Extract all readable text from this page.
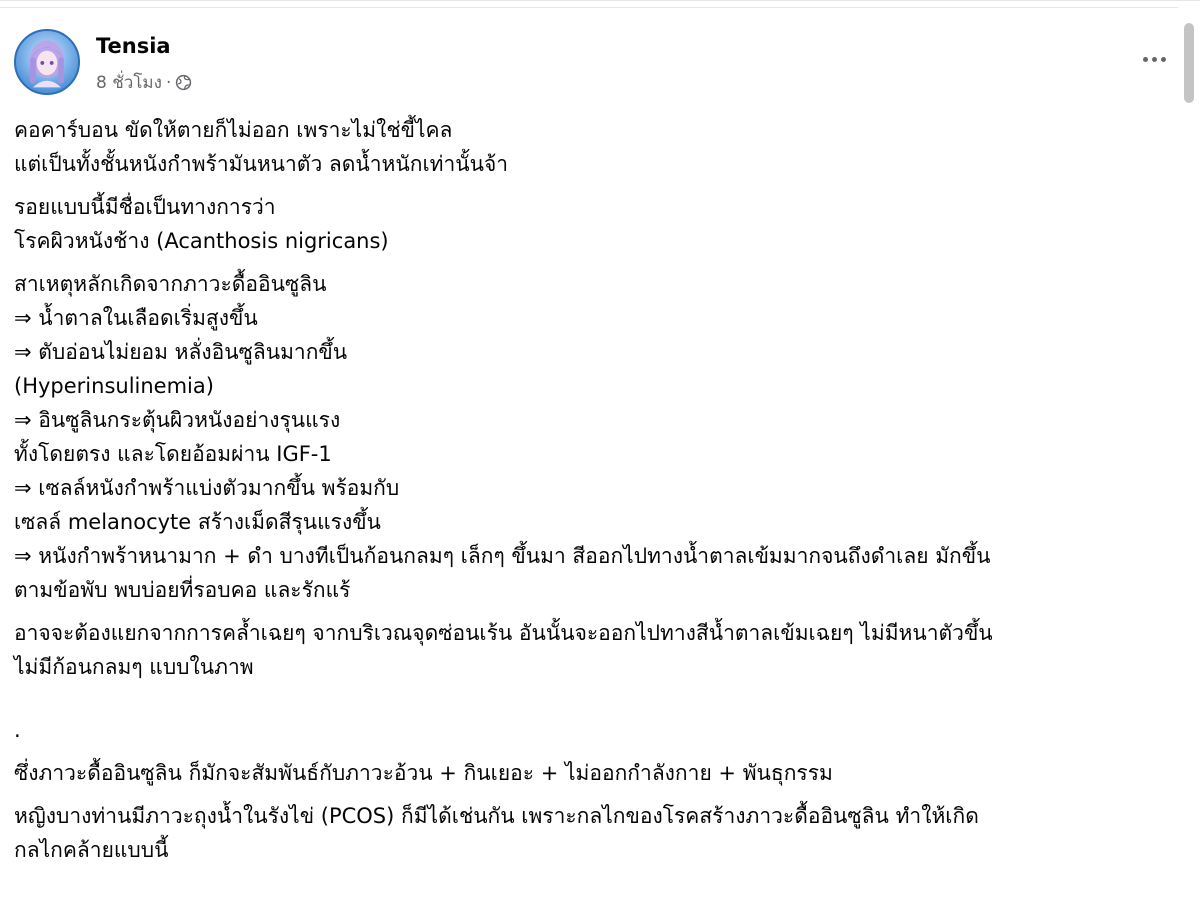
Tensia
8 ชั่วโมง ·
คอคาร์บอน ขัดให้ตายก็ไม่ออก เพราะไม่ใช่ขี้ไคล
แต่เป็นทั้งชั้นหนังกำพร้ามันหนาตัว ลดน้ำหนักเท่านั้นจ้า
รอยแบบนี้มีชื่อเป็นทางการว่า
โรคผิวหนังช้าง (Acanthosis nigricans)
สาเหตุหลักเกิดจากภาวะดื้ออินซูลิน
⇒ น้ำตาลในเลือดเริ่มสูงขึ้น
⇒ ตับอ่อนไม่ยอม หลั่งอินซูลินมากขึ้น
(Hyperinsulinemia)
⇒ อินซูลินกระตุ้นผิวหนังอย่างรุนแรง
ทั้งโดยตรง และโดยอ้อมผ่าน IGF-1
⇒ เซลล์หนังกำพร้าแบ่งตัวมากขึ้น พร้อมกับ
เซลล์ melanocyte สร้างเม็ดสีรุนแรงขึ้น
⇒ หนังกำพร้าหนามาก + ดำ บางทีเป็นก้อนกลมๆ เล็กๆ ขึ้นมา สีออกไปทางน้ำตาลเข้มมากจนถึงดำเลย มักขึ้น
ตามข้อพับ พบบ่อยที่รอบคอ และรักแร้
อาจจะต้องแยกจากการคล้ำเฉยๆ จากบริเวณจุดซ่อนเร้น อันนั้นจะออกไปทางสีน้ำตาลเข้มเฉยๆ ไม่มีหนาตัวขึ้น
ไม่มีก้อนกลมๆ แบบในภาพ
.
ซึ่งภาวะดื้ออินซูลิน ก็มักจะสัมพันธ์กับภาวะอ้วน + กินเยอะ + ไม่ออกกำลังกาย + พันธุกรรม
หญิงบางท่านมีภาวะถุงน้ำในรังไข่ (PCOS) ก็มีได้เช่นกัน เพราะกลไกของโรคสร้างภาวะดื้ออินซูลิน ทำให้เกิด
กลไกคล้ายแบบนี้
